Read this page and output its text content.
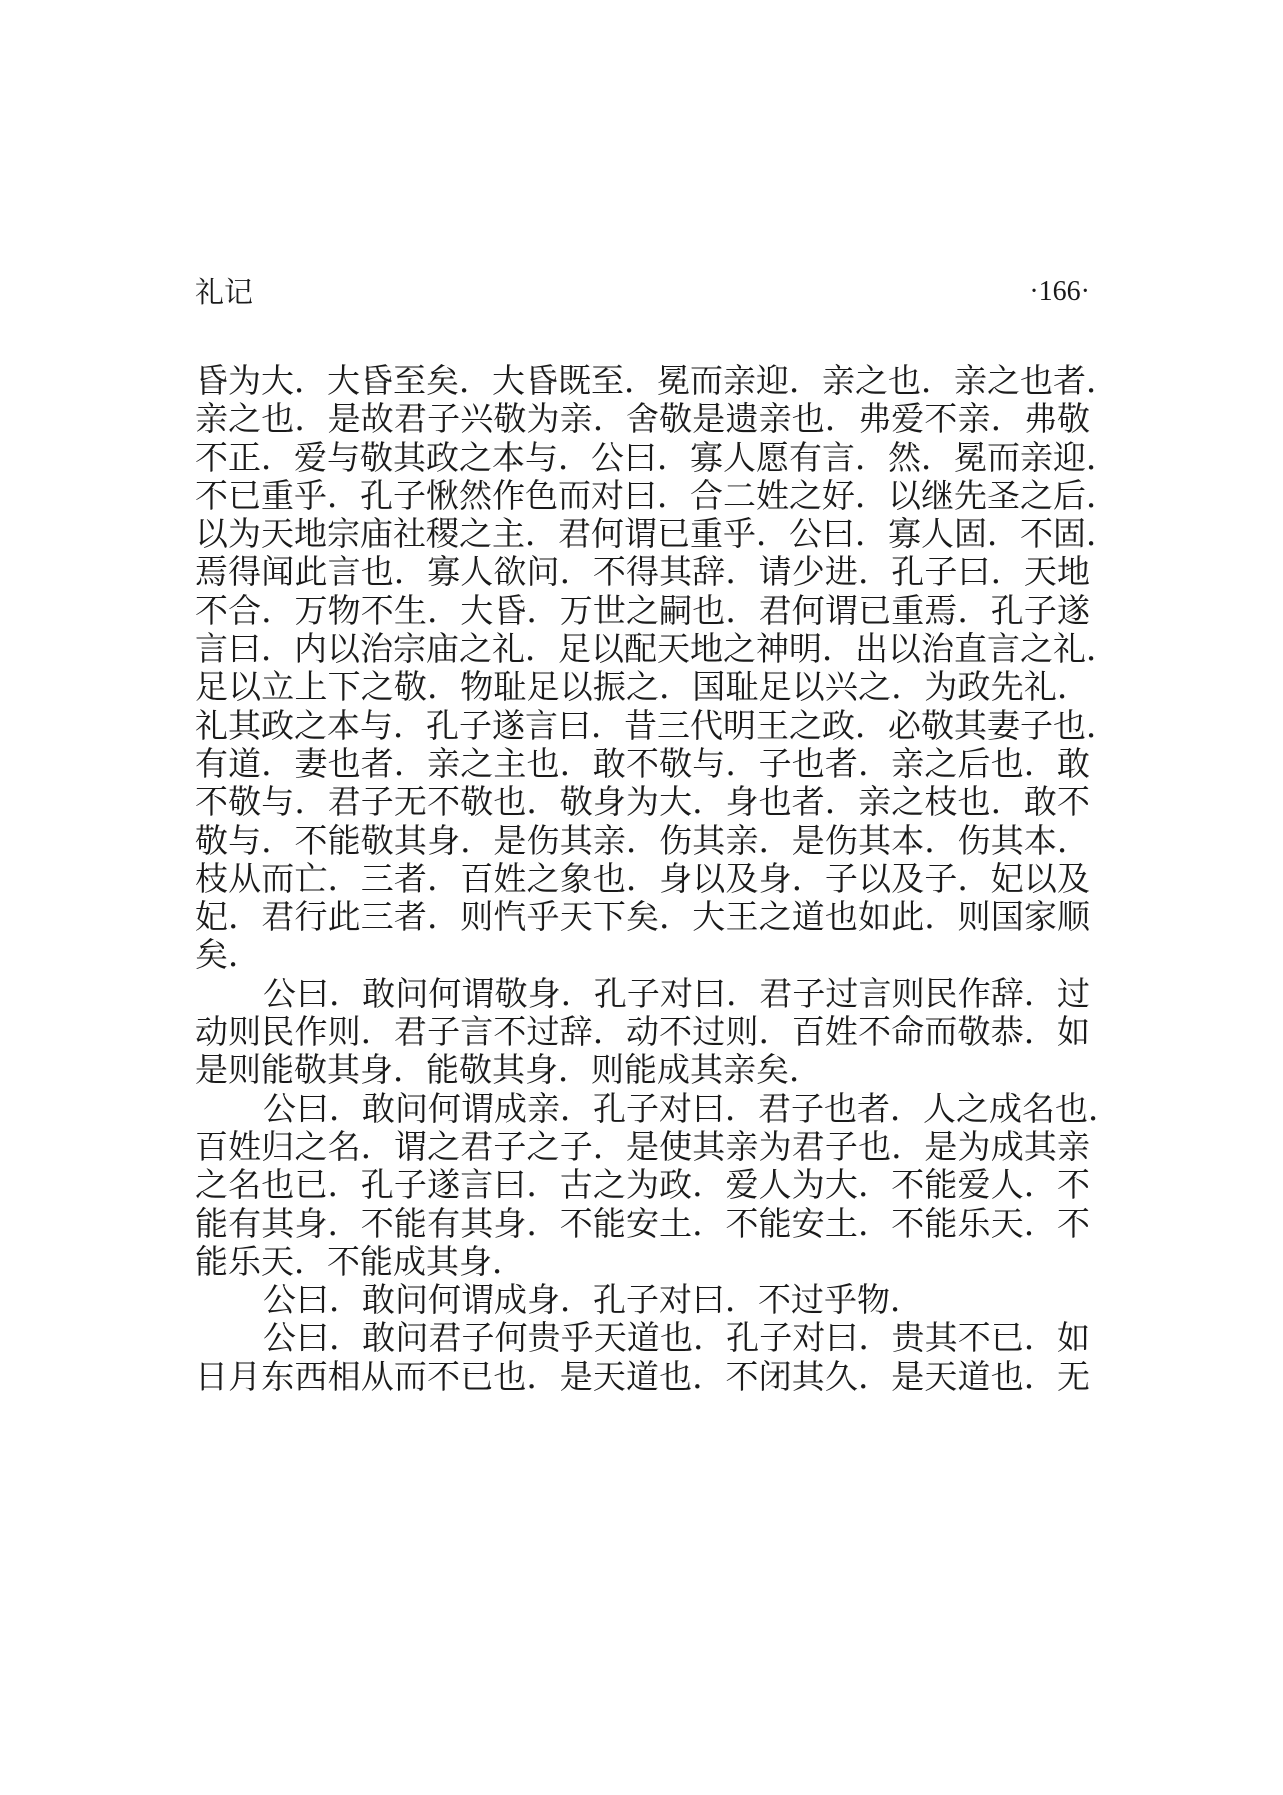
礼记	·166·
昏为大．大昏至矣．大昏既至．冕而亲迎．亲之也．亲之也者．
亲之也．是故君子兴敬为亲．舍敬是遗亲也．弗爱不亲．弗敬
不正．爱与敬其政之本与．公曰．寡人愿有言．然．冕而亲迎．
不已重乎．孔子愀然作色而对曰．合二姓之好．以继先圣之后．
以为天地宗庙社稷之主．君何谓已重乎．公曰．寡人固．不固．
焉得闻此言也．寡人欲问．不得其辞．请少进．孔子曰．天地
不合．万物不生．大昏．万世之嗣也．君何谓已重焉．孔子遂
言曰．内以治宗庙之礼．足以配天地之神明．出以治直言之礼．
足以立上下之敬．物耻足以振之．国耻足以兴之．为政先礼．
礼其政之本与．孔子遂言曰．昔三代明王之政．必敬其妻子也．
有道．妻也者．亲之主也．敢不敬与．子也者．亲之后也．敢
不敬与．君子无不敬也．敬身为大．身也者．亲之枝也．敢不
敬与．不能敬其身．是伤其亲．伤其亲．是伤其本．伤其本．
枝从而亡．三者．百姓之象也．身以及身．子以及子．妃以及
妃．君行此三者．则忾乎天下矣．大王之道也如此．则国家顺
矣．
公曰．敢问何谓敬身．孔子对曰．君子过言则民作辞．过
动则民作则．君子言不过辞．动不过则．百姓不命而敬恭．如
是则能敬其身．能敬其身．则能成其亲矣．
公曰．敢问何谓成亲．孔子对曰．君子也者．人之成名也．
百姓归之名．谓之君子之子．是使其亲为君子也．是为成其亲
之名也已．孔子遂言曰．古之为政．爱人为大．不能爱人．不
能有其身．不能有其身．不能安土．不能安土．不能乐天．不
能乐天．不能成其身．
公曰．敢问何谓成身．孔子对曰．不过乎物．
公曰．敢问君子何贵乎天道也．孔子对曰．贵其不已．如
日月东西相从而不已也．是天道也．不闭其久．是天道也．无
